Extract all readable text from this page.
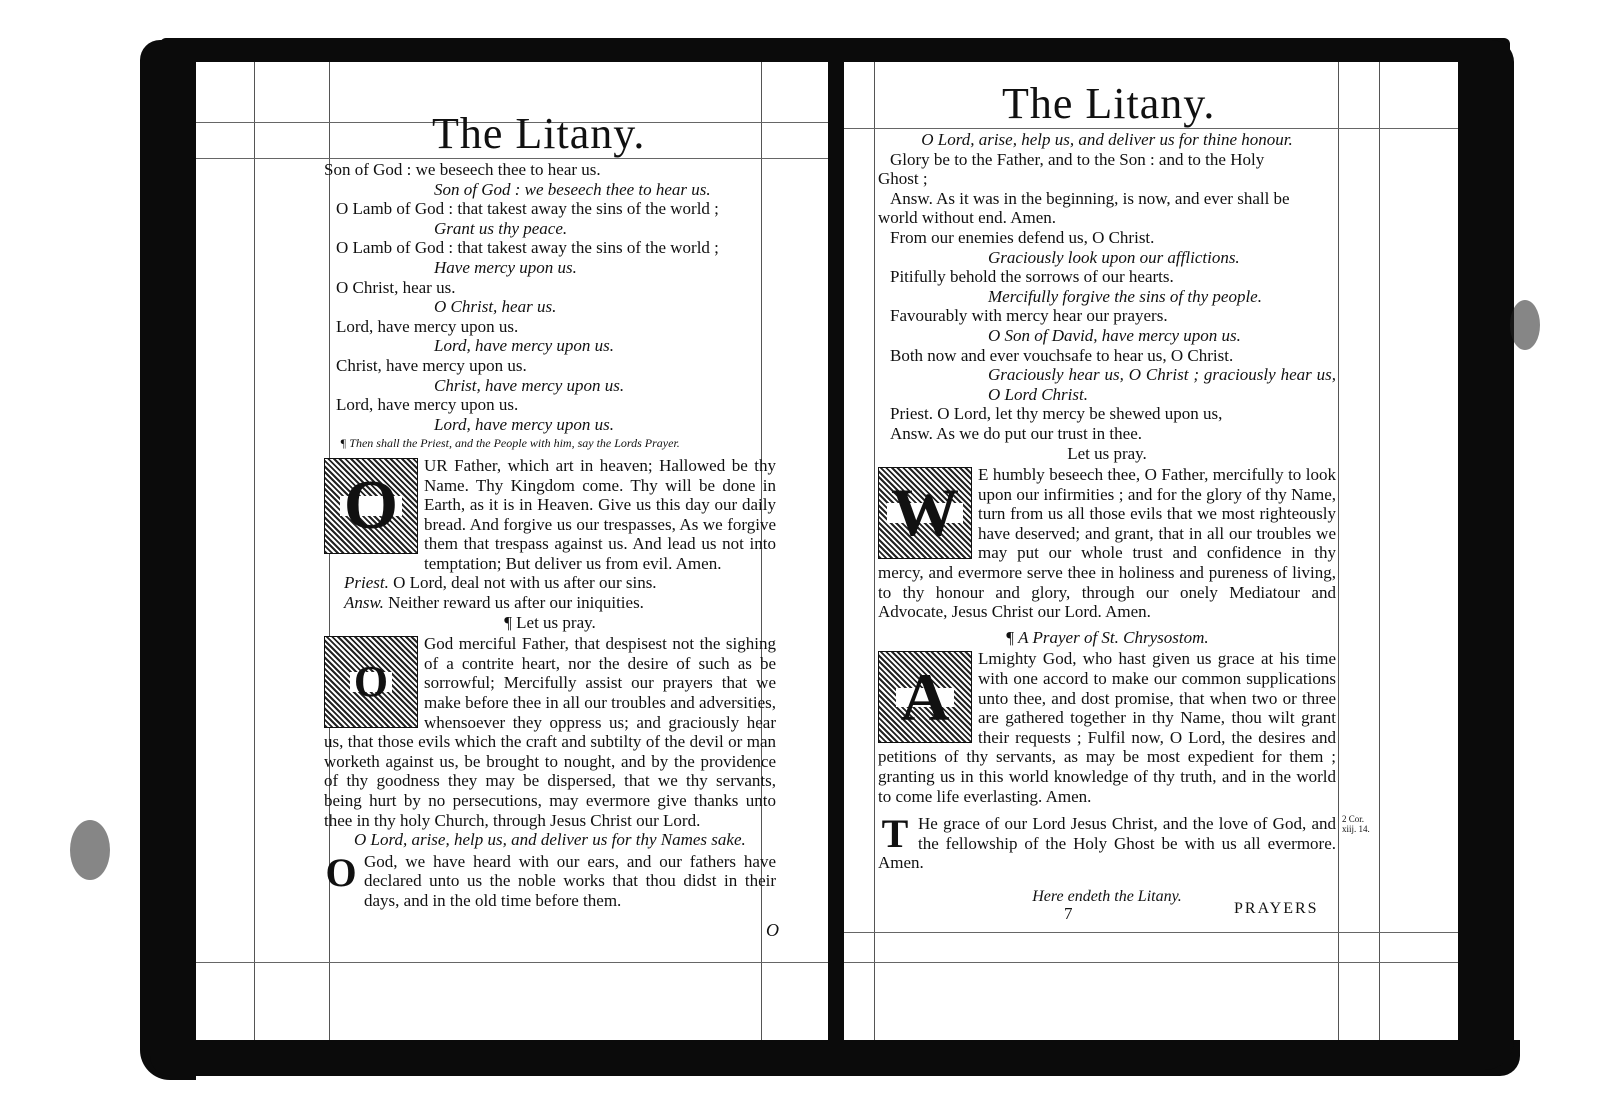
The Litany.
Son of God : we beseech thee to hear us.
Son of God : we beseech thee to hear us.
O Lamb of God : that takest away the sins of the world ;
Grant us thy peace.
O Lamb of God : that takest away the sins of the world ;
Have mercy upon us.
O Christ, hear us.
O Christ, hear us.
Lord, have mercy upon us.
Lord, have mercy upon us.
Christ, have mercy upon us.
Christ, have mercy upon us.
Lord, have mercy upon us.
Lord, have mercy upon us.
¶ Then shall the Priest, and the People with him, say the Lords Prayer.
O

UR Father, which art in heaven; Hallowed be thy Name. Thy Kingdom come. Thy will be done in Earth, as it is in Heaven. Give us this day our daily bread. And forgive us our trespasses, As we forgive them that trespass against us. And lead us not into temptation; But deliver us from evil. Amen.

Priest. O Lord, deal not with us after our sins.
Answ. Neither reward us after our iniquities.
¶ Let us pray.
O

God merciful Father, that despisest not the sighing of a contrite heart, nor the desire of such as be sorrowful; Mercifully assist our prayers that we make before thee in all our troubles and adversities, whensoever they oppress us; and graciously hear us, that those evils which the craft and subtilty of the devil or man worketh against us, be brought to nought, and by the providence of thy goodness they may be dispersed, that we thy servants, being hurt by no persecutions, may evermore give thanks unto thee in thy holy Church, through Jesus Christ our Lord.

O Lord, arise, help us, and deliver us for thy Names sake.
O God, we have heard with our ears, and our fathers have declared unto us the noble works that thou didst in their days, and in the old time before them.

O
The Litany.
O Lord, arise, help us, and deliver us for thine honour.
Glory be to the Father, and to the Son : and to the Holy
Ghost ;
Answ. As it was in the beginning, is now, and ever shall be
world without end. Amen.
From our enemies defend us, O Christ.
Graciously look upon our afflictions.
Pitifully behold the sorrows of our hearts.
Mercifully forgive the sins of thy people.
Favourably with mercy hear our prayers.
O Son of David, have mercy upon us.
Both now and ever vouchsafe to hear us, O Christ.
Graciously hear us, O Christ ; graciously hear us, O Lord Christ.
Priest. O Lord, let thy mercy be shewed upon us,
Answ. As we do put our trust in thee.
Let us pray.
W	E humbly beseech thee, O Father, mercifully to look upon our infirmities ; and for the glory of thy Name, turn from us all those evils that we most righteously have deserved; and grant, that in all our troubles we may put our whole trust and confidence in thy mercy, and evermore serve thee in holiness and pureness of living, to thy honour and glory, through our onely Mediatour and Advocate, Jesus Christ our Lord. Amen.

¶ A Prayer of St. Chrysostom.
A	Lmighty God, who hast given us grace at his time with one accord to make our common supplications unto thee, and dost promise, that when two or three are gathered together in thy Name, thou wilt grant their requests ; Fulfil now, O Lord, the desires and petitions of thy servants, as may be most expedient for them ; granting us in this world knowledge of thy truth, and in the world to come life everlasting. Amen.

T He grace of our Lord Jesus Christ, and the love of God, and the fellowship of the Holy Ghost be with us all evermore. Amen.

Here endeth the Litany.
2 Cor. xiij. 14.
7	PRAYERS
